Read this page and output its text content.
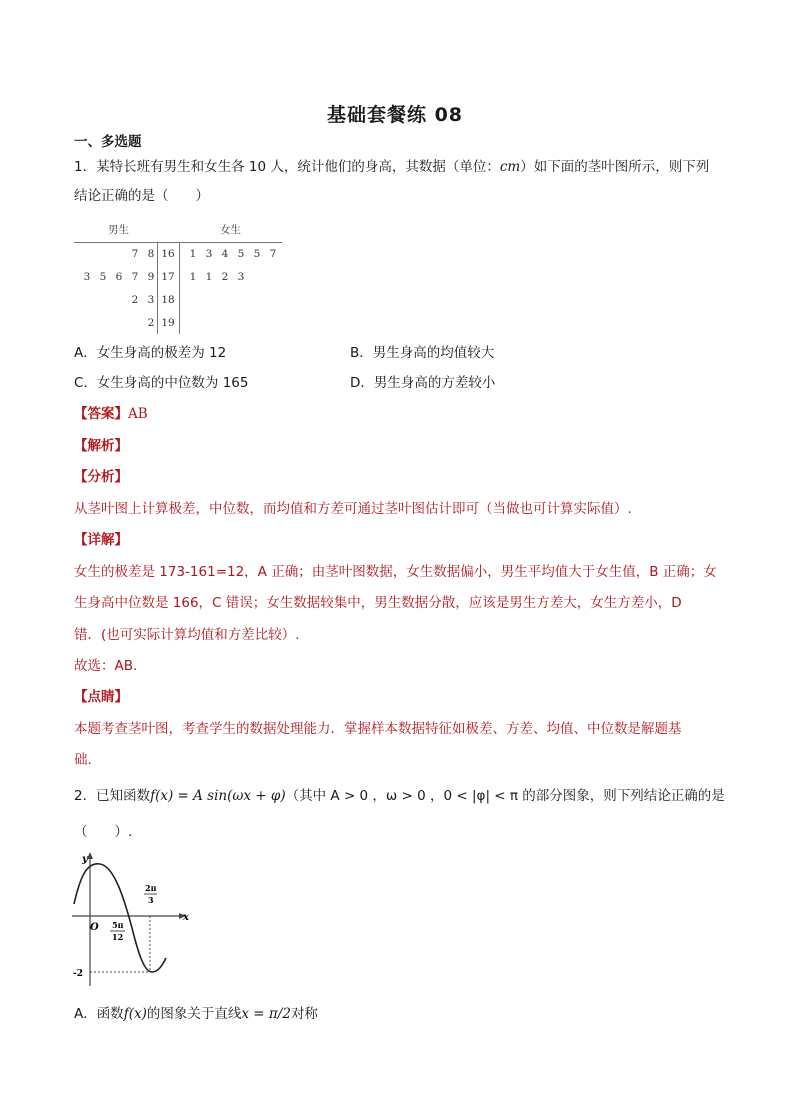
基础套餐练 08
一、多选题
1．某特长班有男生和女生各 10 人，统计他们的身高，其数据（单位：cm）如下面的茎叶图所示，则下列
结论正确的是（　　）
男生	女生
7 8 16	1 3 4 5 5 7
3 5 6 7 9 17	1 1 2 3
2 3 18
2 19
A．女生身高的极差为 12	B．男生身高的均值较大
C．女生身高的中位数为 165	D．男生身高的方差较小
【答案】AB
【解析】
【分析】
从茎叶图上计算极差，中位数，而均值和方差可通过茎叶图估计即可（当做也可计算实际值）.
【详解】
女生的极差是 173-161=12，A 正确；由茎叶图数据，女生数据偏小，男生平均值大于女生值，B 正确；女
生身高中位数是 166，C 错误；女生数据较集中，男生数据分散，应该是男生方差大，女生方差小，D
错．(也可实际计算均值和方差比较）.
故选：AB.
【点睛】
本题考查茎叶图，考查学生的数据处理能力．掌握样本数据特征如极差、方差、均值、中位数是解题基
础．
2．已知函数f(x) = A sin(ωx + φ)（其中 A > 0 ，ω > 0 ，0 < |φ| < π 的部分图象，则下列结论正确的是
（　　）.
y
x
O 5π
12
2π
3
-2
A．函数f(x)的图象关于直线x = π/2对称
